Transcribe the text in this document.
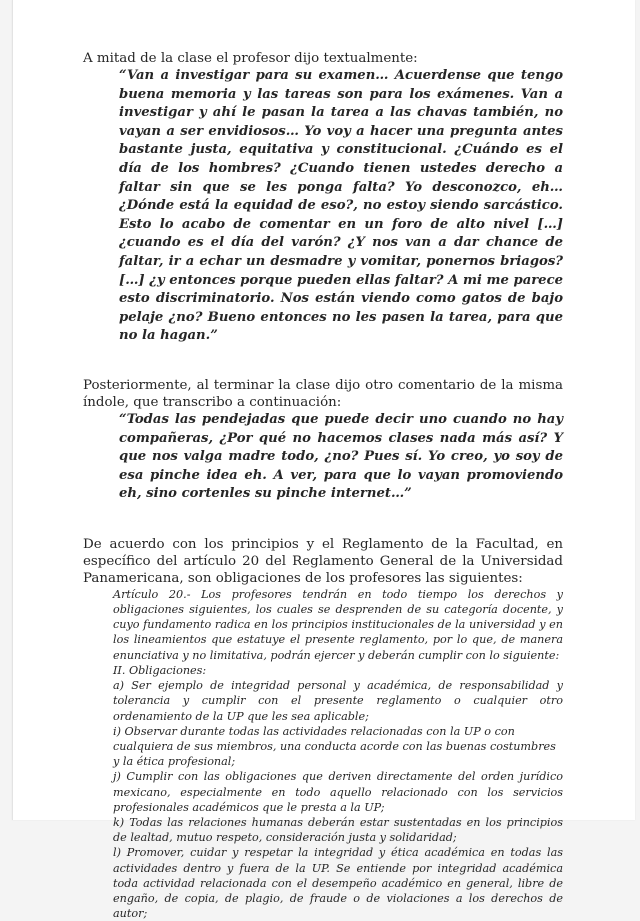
A mitad de la clase el profesor dijo textualmente:

“Van a investigar para su examen… Acuerdense que tengo buena memoria y las tareas son para los exámenes. Van a investigar y ahí le pasan la tarea a las chavas también, no vayan a ser envidiosos… Yo voy a hacer una pregunta antes bastante justa, equitativa y constitucional. ¿Cuándo es el día de los hombres? ¿Cuando tienen ustedes derecho a faltar sin que se les ponga falta? Yo desconozco, eh… ¿Dónde está la equidad de eso?, no estoy siendo sarcástico. Esto lo acabo de comentar en un foro de alto nivel […] ¿cuando es el día del varón? ¿Y nos van a dar chance de faltar, ir a echar un desmadre y vomitar, ponernos briagos? […] ¿y entonces porque pueden ellas faltar? A mi me parece esto discriminatorio. Nos están viendo como gatos de bajo pelaje ¿no? Bueno entonces no les pasen la tarea, para que no la hagan.”

Posteriormente, al terminar la clase dijo otro comentario de la misma índole, que transcribo a continuación:

“Todas las pendejadas que puede decir uno cuando no hay compañeras, ¿Por qué no hacemos clases nada más así? Y que nos valga madre todo, ¿no? Pues sí. Yo creo, yo soy de esa pinche idea eh. A ver, para que lo vayan promoviendo eh, sino cortenles su pinche internet…”

De acuerdo con los principios y el Reglamento de la Facultad, en específico del artículo 20 del Reglamento General de la Universidad Panamericana, son obligaciones de los profesores las siguientes:

Artículo 20.- Los profesores tendrán en todo tiempo los derechos y obligaciones siguientes, los cuales se desprenden de su categoría docente, y cuyo fundamento radica en los principios institucionales de la universidad y en los lineamientos que estatuye el presente reglamento, por lo que, de manera enunciativa y no limitativa, podrán ejercer y deberán cumplir con lo siguiente:

II. Obligaciones:

a) Ser ejemplo de integridad personal y académica, de responsabilidad y tolerancia y cumplir con el presente reglamento o cualquier otro ordenamiento de la UP que les sea aplicable;

i) Observar durante todas las actividades relacionadas con la UP o con

cualquiera de sus miembros, una conducta acorde con las buenas costumbres

y la ética profesional;

j) Cumplir con las obligaciones que deriven directamente del orden jurídico mexicano, especialmente en todo aquello relacionado con los servicios profesionales académicos que le presta a la UP;

k) Todas las relaciones humanas deberán estar sustentadas en los principios de lealtad, mutuo respeto, consideración justa y solidaridad;

l) Promover, cuidar y respetar la integridad y ética académica en todas las actividades dentro y fuera de la UP. Se entiende por integridad académica toda actividad relacionada con el desempeño académico en general, libre de engaño, de copia, de plagio, de fraude o de violaciones a los derechos de autor;
